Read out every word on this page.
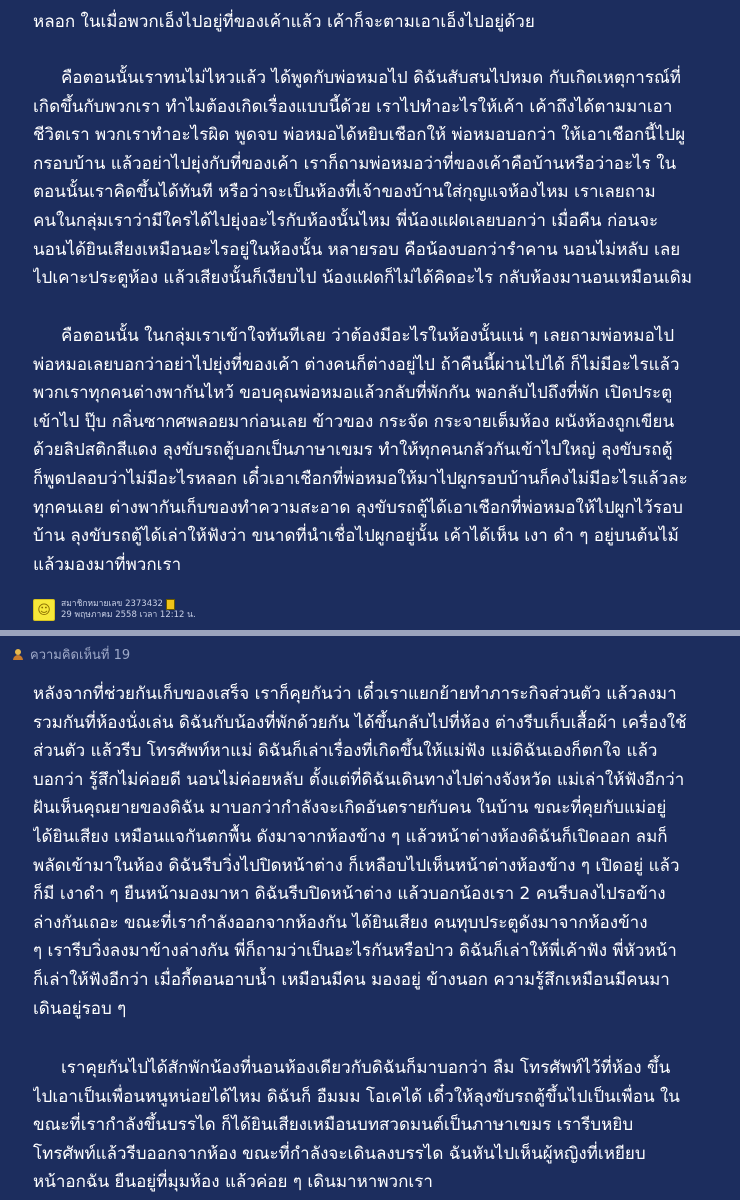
หลอก ในเมื่อพวกเอ็งไปอยู่ที่ของเค้าแล้ว เค้าก็จะตามเอาเอ็งไปอยู่ด้วย
คือตอนนั้นเราทนไม่ไหวแล้ว ได้พูดกับพ่อหมอไป ดิฉันสับสนไปหมด กับเกิดเหตุการณ์ที่
เกิดขึ้นกับพวกเรา ทำไมต้องเกิดเรื่องแบบนี้ด้วย เราไปทำอะไรให้เค้า เค้าถึงได้ตามมาเอา
ชีวิตเรา พวกเราทำอะไรผิด พูดจบ พ่อหมอได้หยิบเชือกให้ พ่อหมอบอกว่า ให้เอาเชือกนี้ไปผู
กรอบบ้าน แล้วอย่าไปยุ่งกับที่ของเค้า เราก็ถามพ่อหมอว่าที่ของเค้าคือบ้านหรือว่าอะไร ใน
ตอนนั้นเราคิดขึ้นได้ทันที หรือว่าจะเป็นห้องที่เจ้าของบ้านใส่กุญแจห้องไหม เราเลยถาม
คนในกลุ่มเราว่ามีใครได้ไปยุ่งอะไรกับห้องนั้นไหม พี่น้องแฝดเลยบอกว่า เมื่อคืน ก่อนจะ
นอนได้ยินเสียงเหมือนอะไรอยู่ในห้องนั้น หลายรอบ คือน้องบอกว่ารำคาน นอนไม่หลับ เลย
ไปเคาะประตูห้อง แล้วเสียงนั้นก็เงียบไป น้องแฝดก็ไม่ได้คิดอะไร กลับห้องมานอนเหมือนเดิม
คือตอนนั้น ในกลุ่มเราเข้าใจทันทีเลย ว่าต้องมีอะไรในห้องนั้นแน่ ๆ เลยถามพ่อหมอไป
พ่อหมอเลยบอกว่าอย่าไปยุ่งที่ของเค้า ต่างคนก็ต่างอยู่ไป ถ้าคืนนี้ผ่านไปได้ ก็ไม่มีอะไรแล้ว
พวกเราทุกคนต่างพากันไหว้ ขอบคุณพ่อหมอแล้วกลับที่พักกัน พอกลับไปถึงที่พัก เปิดประตู
เข้าไป ปุ๊บ กลิ่นซากศพลอยมาก่อนเลย ข้าวของ กระจัด กระจายเต็มห้อง ผนังห้องถูกเขียน
ด้วยลิปสติกสีแดง ลุงขับรถตู้บอกเป็นภาษาเขมร ทำให้ทุกคนกลัวกันเข้าไปใหญ่ ลุงขับรถตู้
ก็พูดปลอบว่าไม่มีอะไรหลอก เดี๋วเอาเชือกที่พ่อหมอให้มาไปผูกรอบบ้านก็คงไม่มีอะไรแล้วละ
ทุกคนเลย ต่างพากันเก็บของทำความสะอาด ลุงขับรถตู้ได้เอาเชือกที่พ่อหมอให้ไปผูกไว้รอบ
บ้าน ลุงขับรถตู้ได้เล่าให้ฟังว่า ขนาดที่นำเชื่อไปผูกอยู่นั้น เค้าได้เห็น เงา ดำ ๆ อยู่บนต้นไม้
แล้วมองมาที่พวกเรา
☺	สมาชิกหมายเลข 2373432
29 พฤษภาคม 2558 เวลา 12:12 น.
ความคิดเห็นที่ 19
หลังจากที่ช่วยกันเก็บของเสร็จ เราก็คุยกันว่า เดี๋วเราแยกย้ายทำภาระกิจส่วนตัว แล้วลงมา
รวมกันที่ห้องนั่งเล่น ดิฉันกับน้องที่พักด้วยกัน ได้ขึ้นกลับไปที่ห้อง ต่างรีบเก็บเสื้อผ้า เครื่องใช้
ส่วนตัว แล้วรีบ โทรศัพท์หาแม่ ดิฉันก็เล่าเรื่องที่เกิดขึ้นให้แม่ฟัง แม่ดิฉันเองก็ตกใจ แล้ว
บอกว่า รู้สึกไม่ค่อยดี นอนไม่ค่อยหลับ ตั้งแต่ที่ดิฉันเดินทางไปต่างจังหวัด แม่เล่าให้ฟังอีกว่า
ฝันเห็นคุณยายของดิฉัน มาบอกว่ากำลังจะเกิดอันตรายกับคน ในบ้าน ขณะที่คุยกับแม่อยู่
ได้ยินเสียง เหมือนแจกันตกพื้น ดังมาจากห้องข้าง ๆ แล้วหน้าต่างห้องดิฉันก็เปิดออก ลมก็
พลัดเข้ามาในห้อง ดิฉันรีบวิ่งไปปิดหน้าต่าง ก็เหลือบไปเห็นหน้าต่างห้องข้าง ๆ เปิดอยู่ แล้ว
ก็มี เงาดำ ๆ ยืนหน้ามองมาหา ดิฉันรีบปิดหน้าต่าง แล้วบอกน้องเรา 2 คนรีบลงไปรอข้าง
ล่างกันเถอะ ขณะที่เรากำลังออกจากห้องกัน ได้ยินเสียง คนทุบประตูดังมาจากห้องข้าง
ๆ เรารีบวิ่งลงมาข้างล่างกัน พี่ก็ถามว่าเป็นอะไรกันหรือป่าว ดิฉันก็เล่าให้พี่เค้าฟัง พี่หัวหน้า
ก็เล่าให้ฟังอีกว่า เมื่อกี้ตอนอาบน้ำ เหมือนมีคน มองอยู่ ข้างนอก ความรู้สึกเหมือนมีคนมา
เดินอยู่รอบ ๆ
เราคุยกันไปได้สักพักน้องที่นอนห้องเดียวกับดิฉันก็มาบอกว่า ลืม โทรศัพท์ไว้ที่ห้อง ขึ้น
ไปเอาเป็นเพื่อนหนูหน่อยได้ไหม ดิฉันก็ อืมมม โอเคได้ เดี๋วให้ลุงขับรถตู้ขึ้นไปเป็นเพื่อน ใน
ขณะที่เรากำลังขึ้นบรรได ก็ได้ยินเสียงเหมือนบทสวดมนต์เป็นภาษาเขมร เรารีบหยิบ
โทรศัพท์แล้วรีบออกจากห้อง ขณะที่กำลังจะเดินลงบรรได ฉันหันไปเห็นผู้หญิงที่เหยียบ
หน้าอกฉัน ยืนอยู่ที่มุมห้อง แล้วค่อย ๆ เดินมาหาพวกเรา
